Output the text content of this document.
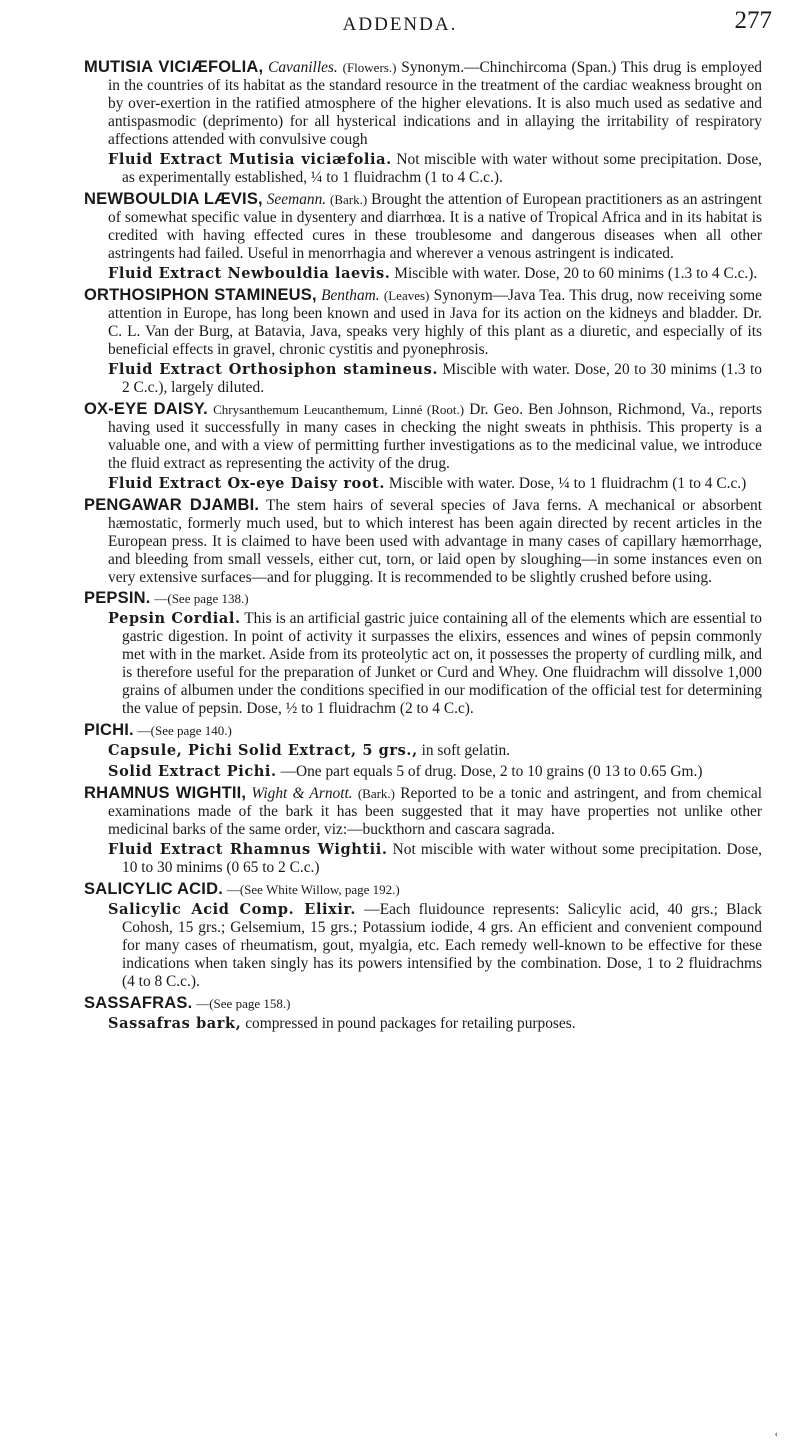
ADDENDA.	277
MUTISIA VICIÆFOLIA, Cavanilles. (Flowers.) Synonym.—Chinchircoma (Span.) This drug is employed in the countries of its habitat as the standard resource in the treatment of the cardiac weakness brought on by over-exertion in the ratified atmosphere of the higher elevations. It is also much used as sedative and antispasmodic (deprimento) for all hysterical indications and in allaying the irritability of respiratory affections attended with convulsive cough
Fluid Extract Mutisia viciæfolia. Not miscible with water without some precipitation. Dose, as experimentally established, ¼ to 1 fluidrachm (1 to 4 C.c.).
NEWBOULDIA LÆVIS, Seemann. (Bark.) Brought the attention of European practitioners as an astringent of somewhat specific value in dysentery and diarrhœa. It is a native of Tropical Africa and in its habitat is credited with having effected cures in these troublesome and dangerous diseases when all other astringents had failed. Useful in menorrhagia and wherever a venous astringent is indicated.
Fluid Extract Newbouldia laevis. Miscible with water. Dose, 20 to 60 minims (1.3 to 4 C.c.).
ORTHOSIPHON STAMINEUS, Bentham. (Leaves) Synonym—Java Tea. This drug, now receiving some attention in Europe, has long been known and used in Java for its action on the kidneys and bladder. Dr. C. L. Van der Burg, at Batavia, Java, speaks very highly of this plant as a diuretic, and especially of its beneficial effects in gravel, chronic cystitis and pyonephrosis.
Fluid Extract Orthosiphon stamineus. Miscible with water. Dose, 20 to 30 minims (1.3 to 2 C.c.), largely diluted.
OX-EYE DAISY. Chrysanthemum Leucanthemum, Linné (Root.) Dr. Geo. Ben Johnson, Richmond, Va., reports having used it successfully in many cases in checking the night sweats in phthisis. This property is a valuable one, and with a view of permitting further investigations as to the medicinal value, we introduce the fluid extract as representing the activity of the drug.
Fluid Extract Ox-eye Daisy root. Miscible with water. Dose, ¼ to 1 fluidrachm (1 to 4 C.c.)
PENGAWAR DJAMBI. The stem hairs of several species of Java ferns. A mechanical or absorbent hæmostatic, formerly much used, but to which interest has been again directed by recent articles in the European press. It is claimed to have been used with advantage in many cases of capillary hæmorrhage, and bleeding from small vessels, either cut, torn, or laid open by sloughing—in some instances even on very extensive surfaces—and for plugging. It is recommended to be slightly crushed before using.
PEPSIN. —(See page 138.)
Pepsin Cordial. This is an artificial gastric juice containing all of the elements which are essential to gastric digestion. In point of activity it surpasses the elixirs, essences and wines of pepsin commonly met with in the market. Aside from its proteolytic act on, it possesses the property of curdling milk, and is therefore useful for the preparation of Junket or Curd and Whey. One fluidrachm will dissolve 1,000 grains of albumen under the conditions specified in our modification of the official test for determining the value of pepsin. Dose, ½ to 1 fluidrachm (2 to 4 C.c).
PICHI. —(See page 140.)
Capsule, Pichi Solid Extract, 5 grs., in soft gelatin.
Solid Extract Pichi. —One part equals 5 of drug. Dose, 2 to 10 grains (0 13 to 0.65 Gm.)
RHAMNUS WIGHTII, Wight & Arnott. (Bark.) Reported to be a tonic and astringent, and from chemical examinations made of the bark it has been suggested that it may have properties not unlike other medicinal barks of the same order, viz:—buckthorn and cascara sagrada.
Fluid Extract Rhamnus Wightii. Not miscible with water without some precipitation. Dose, 10 to 30 minims (0 65 to 2 C.c.)
SALICYLIC ACID. —(See White Willow, page 192.)
Salicylic Acid Comp. Elixir. —Each fluidounce represents: Salicylic acid, 40 grs.; Black Cohosh, 15 grs.; Gelsemium, 15 grs.; Potassium iodide, 4 grs. An efficient and convenient compound for many cases of rheumatism, gout, myalgia, etc. Each remedy well-known to be effective for these indications when taken singly has its powers intensified by the combination. Dose, 1 to 2 fluidrachms (4 to 8 C.c.).
SASSAFRAS. —(See page 158.)
Sassafras bark, compressed in pound packages for retailing purposes.
‹
